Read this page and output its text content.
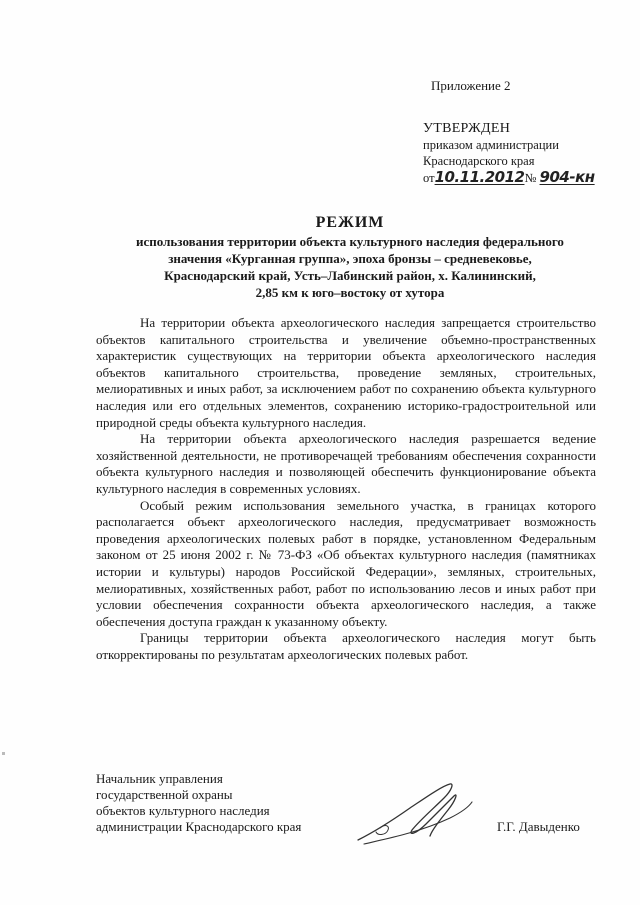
Приложение 2
УТВЕРЖДЕН
приказом администрации
Краснодарского края
от10.11.2012№ 904-кн
РЕЖИМ
использования территории объекта культурного наследия федерального
значения «Курганная группа», эпоха бронзы – средневековье,
Краснодарский край, Усть–Лабинский район, х. Калининский,
2,85 км к юго–востоку от хутора

На территории объекта археологического наследия запрещается строительство объектов капитального строительства и увеличение объемно-пространственных характеристик существующих на территории объекта археологического наследия объектов капитального строительства, проведение земляных, строительных, мелиоративных и иных работ, за исключением работ по сохранению объекта культурного наследия или его отдельных элементов, сохранению историко-градостроительной или природной среды объекта культурного наследия.

На территории объекта археологического наследия разрешается ведение хозяйственной деятельности, не противоречащей требованиям обеспечения сохранности объекта культурного наследия и позволяющей обеспечить функционирование объекта культурного наследия в современных условиях.

Особый режим использования земельного участка, в границах которого располагается объект археологического наследия, предусматривает возможность проведения археологических полевых работ в порядке, установленном Федеральным законом от 25 июня 2002 г. № 73-ФЗ «Об объектах культурного наследия (памятниках истории и культуры) народов Российской Федерации», земляных, строительных, мелиоративных, хозяйственных работ, работ по использованию лесов и иных работ при условии обеспечения сохранности объекта археологического наследия, а также обеспечения доступа граждан к указанному объекту.

Границы территории объекта археологического наследия могут быть откорректированы по результатам археологических полевых работ.

Начальник управления
государственной охраны
объектов культурного наследия
администрации Краснодарского края	Г.Г. Давыденко
